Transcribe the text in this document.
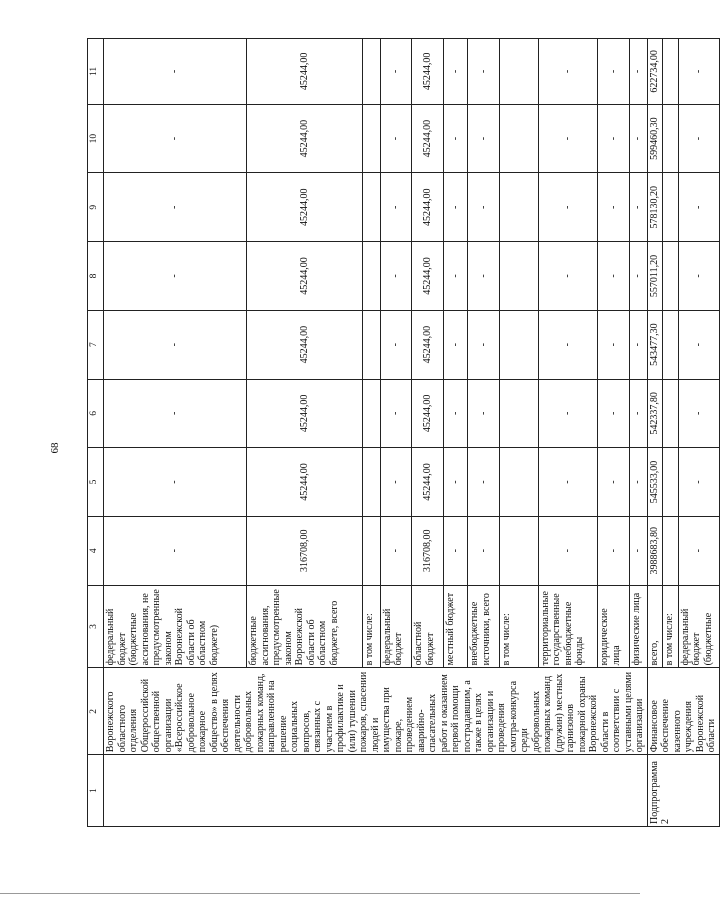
68
1	2	3	4	5	6	7	8	9	10	11
	Воронежского областного отделения Общероссийской общественной организации «Всероссийское добровольное пожарное общество» в целях обеспечения деятельности добровольных пожарных команд, направленной на решение социальных вопросов, связанных с участием в профилактике и (или) тушении пожаров, спасении людей и имущества при пожаре, проведением аварийно-спасательных работ и оказанием первой помощи пострадавшим, а также в целях организации и проведения смотра-конкурса среди добровольных пожарных команд (дружин) местных гарнизонов пожарной охраны Воронежской области в соответствии с уставными целями организации	федеральный бюджет (бюджетные ассигнования, не предусмотренные законом Воронежской области об областном бюджете)	-	-	-	-	-	-	-	-
		бюджетные ассигнования, предусмотренные законом Воронежской области об областном бюджете, всего	316708,00	45244,00	45244,00	45244,00	45244,00	45244,00	45244,00	45244,00
		в том числе:								
		федеральный бюджет	-	-	-	-	-	-	-	-
		областной бюджет	316708,00	45244,00	45244,00	45244,00	45244,00	45244,00	45244,00	45244,00
		местный бюджет	-	-	-	-	-	-	-	-
		внебюджетные источники, всего	-	-	-	-	-	-	-	-
		в том числе:								
		территориальные государственные внебюджетные фонды	-	-	-	-	-	-	-	-
		юридические лица	-	-	-	-	-	-	-	-
		физические лица	-	-	-	-	-	-	-	-
Подпрограмма 2	Финансовое обеспечение казенного учреждения Воронежской области	всего,	3988683,80	545533,00	542337,80	543477,30	557011,20	578130,20	599460,30	622734,00
		в том числе:								
		федеральный бюджет (бюджетные	-	-	-	-	-	-	-	-
